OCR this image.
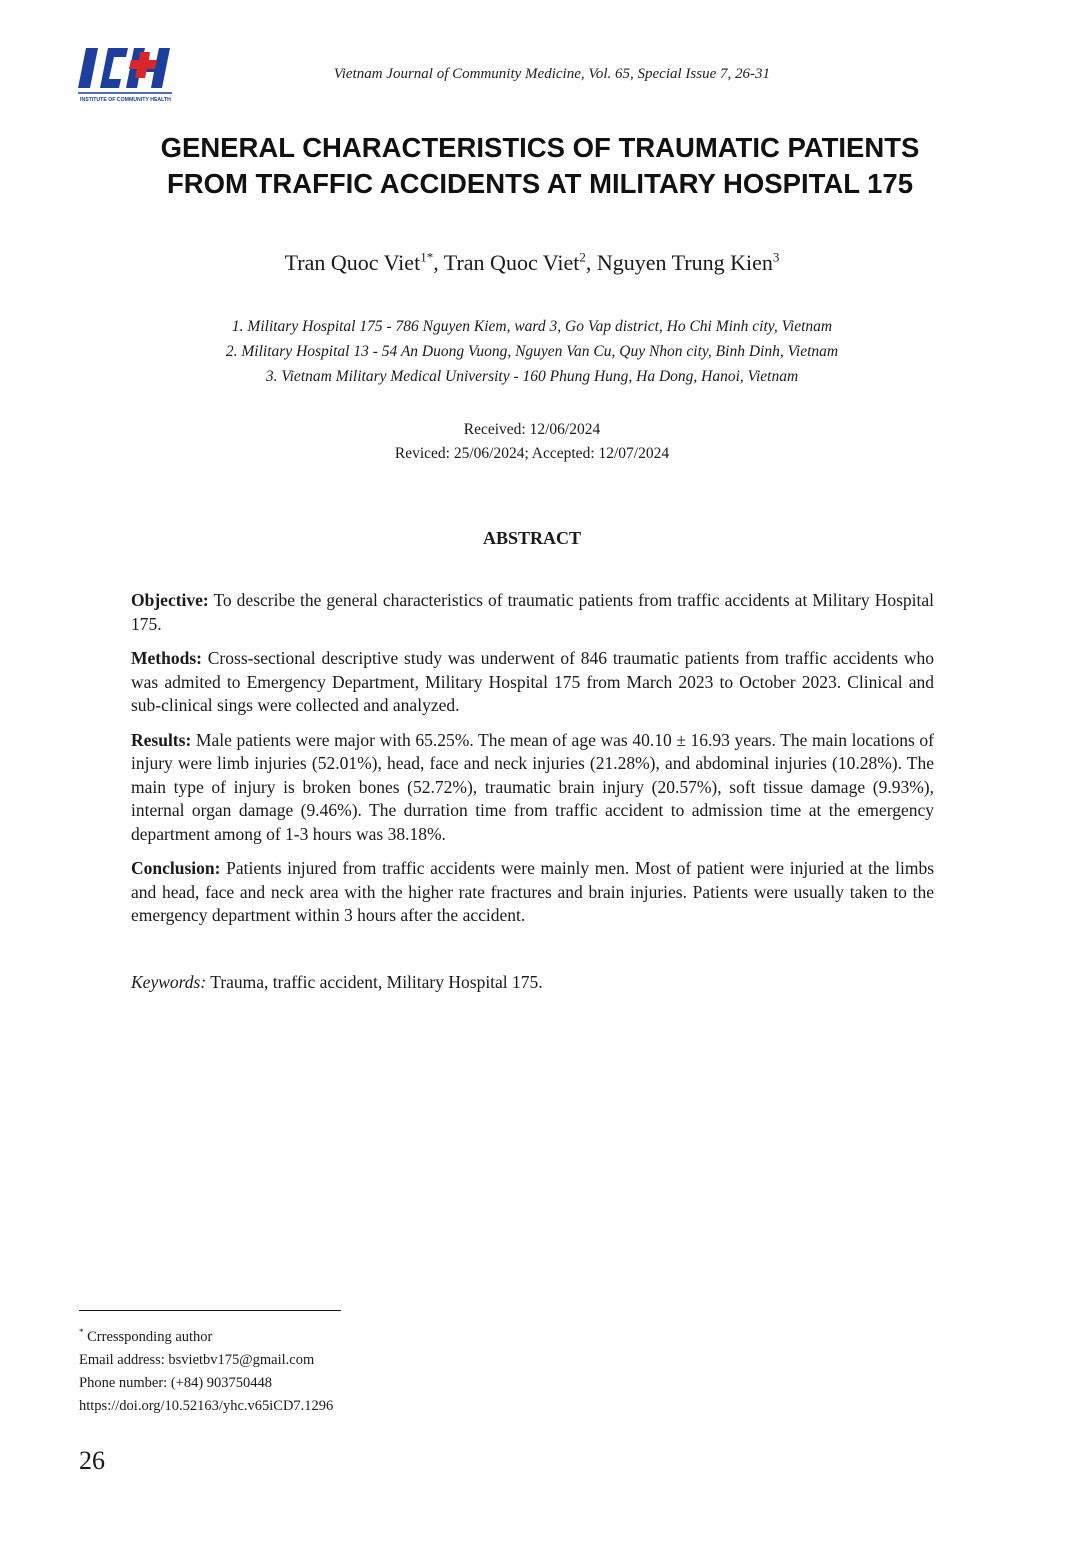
INSTITUTE OF COMMUNITY HEALTH
Vietnam Journal of Community Medicine, Vol. 65, Special Issue 7, 26-31
GENERAL CHARACTERISTICS OF TRAUMATIC PATIENTS
FROM TRAFFIC ACCIDENTS AT MILITARY HOSPITAL 175
Tran Quoc Viet$^{1*}$, Tran Quoc Viet$^2$, Nguyen Trung Kien$^3$
1. Military Hospital 175 - 786 Nguyen Kiem, ward 3, Go Vap district, Ho Chi Minh city, Vietnam
2. Military Hospital 13 - 54 An Duong Vuong, Nguyen Van Cu, Quy Nhon city, Binh Dinh, Vietnam
3. Vietnam Military Medical University - 160 Phung Hung, Ha Dong, Hanoi, Vietnam
Received: 12/06/2024
Reviced: 25/06/2024; Accepted: 12/07/2024
ABSTRACT

Objective: To describe the general characteristics of traumatic patients from traffic accidents at Military Hospital 175.

Methods: Cross-sectional descriptive study was underwent of 846 traumatic patients from traffic accidents who was admited to Emergency Department, Military Hospital 175 from March 2023 to October 2023. Clinical and sub-clinical sings were collected and analyzed.

Results: Male patients were major with 65.25%. The mean of age was 40.10 ± 16.93 years. The main locations of injury were limb injuries (52.01%), head, face and neck injuries (21.28%), and abdominal injuries (10.28%). The main type of injury is broken bones (52.72%), traumatic brain injury (20.57%), soft tissue damage (9.93%), internal organ damage (9.46%). The durration time from traffic accident to admission time at the emergency department among of 1-3 hours was 38.18%.

Conclusion: Patients injured from traffic accidents were mainly men. Most of patient were injuried at the limbs and head, face and neck area with the higher rate fractures and brain injuries. Patients were usually taken to the emergency department within 3 hours after the accident.

Keywords: Trauma, traffic accident, Military Hospital 175.
* Crressponding author
Email address: bsvietbv175@gmail.com
Phone number: (+84) 903750448
https://doi.org/10.52163/yhc.v65iCD7.1296
26
